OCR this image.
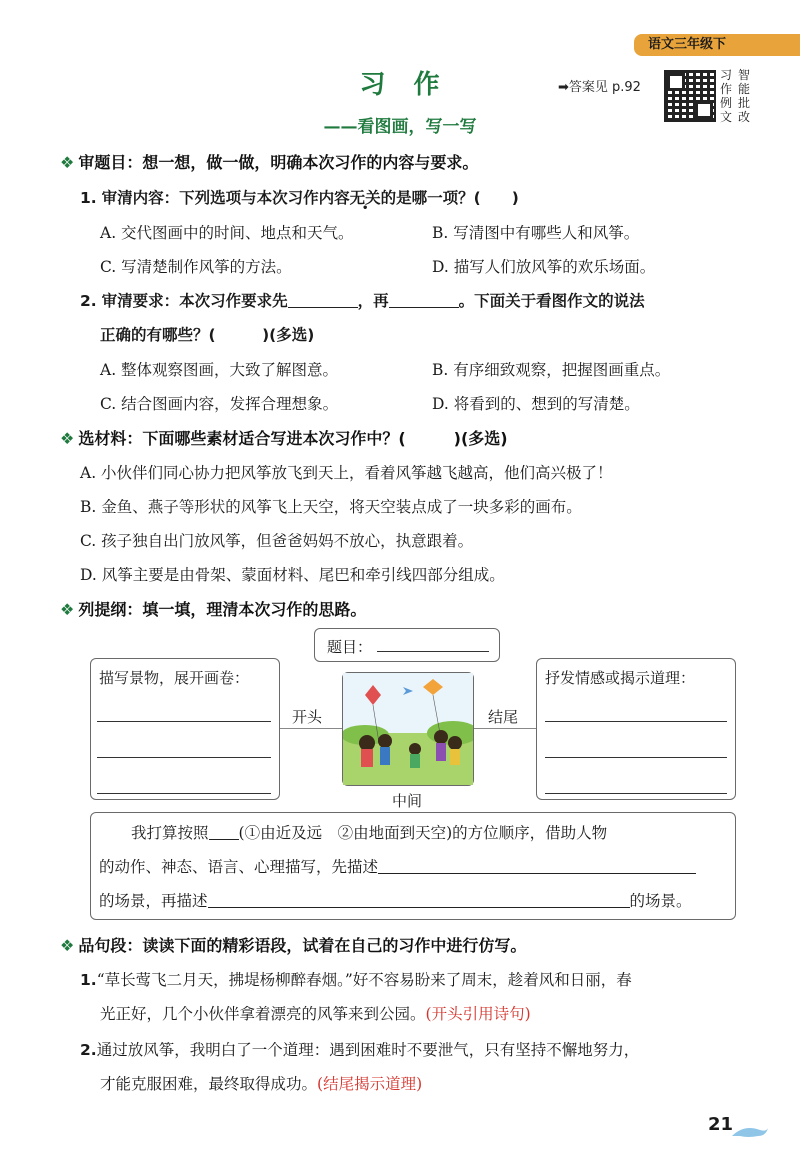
语文三年级下
习　作
——看图画，写一写
➡答案见 p.92
习 智
作 能
例 批
文 改
❖ 审题目：想一想，做一做，明确本次习作的内容与要求。
1. 审清内容：下列选项与本次习作内容无关的是哪一项？(　　)
A. 交代图画中的时间、地点和天气。	B. 写清图中有哪些人和风筝。
C. 写清楚制作风筝的方法。	D. 描写人们放风筝的欢乐场面。
2. 审清要求：本次习作要求先	，再	。下面关于看图作文的说法
正确的有哪些？(　　　)(多选)
A. 整体观察图画，大致了解图意。	B. 有序细致观察，把握图画重点。
C. 结合图画内容，发挥合理想象。	D. 将看到的、想到的写清楚。
❖ 选材料：下面哪些素材适合写进本次习作中？(　　　)(多选)
A. 小伙伴们同心协力把风筝放飞到天上，看着风筝越飞越高，他们高兴极了！
B. 金鱼、燕子等形状的风筝飞上天空，将天空装点成了一块多彩的画布。
C. 孩子独自出门放风筝，但爸爸妈妈不放心，执意跟着。
D. 风筝主要是由骨架、蒙面材料、尾巴和牵引线四部分组成。
❖ 列提纲：填一填，理清本次习作的思路。
题目：
描写景物，展开画卷：	抒发情感或揭示道理：
开头	结尾
中间
我打算按照 (①由近及远　②由地面到天空)的方位顺序，借助人物
的动作、神态、语言、心理描写，先描述
的场景，再描述	的场景。
❖ 品句段：读读下面的精彩语段，试着在自己的习作中进行仿写。
1.“草长莺飞二月天，拂堤杨柳醉春烟。”好不容易盼来了周末，趁着风和日丽，春
光正好，几个小伙伴拿着漂亮的风筝来到公园。(开头引用诗句)
2.通过放风筝，我明白了一个道理：遇到困难时不要泄气，只有坚持不懈地努力，
才能克服困难，最终取得成功。(结尾揭示道理)
21
